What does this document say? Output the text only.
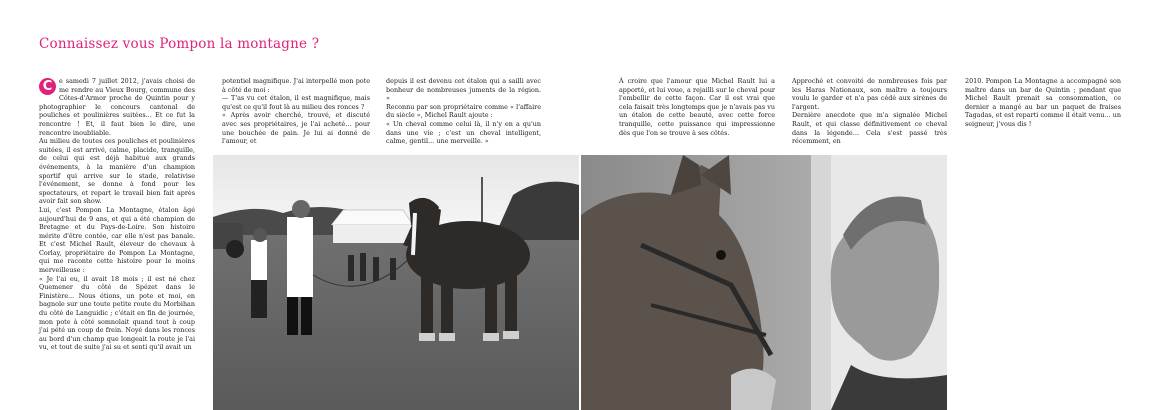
Connaissez vous Pompon la montagne ?
C	e samedi 7 juillet 2012, j'avais choisi de me rendre au Vieux Bourg, commune des Côtes-d'Armor proche de Quintin pour y photographier le concours cantonal de pouliches et poulinières suitées... Et ce fut la rencontre ! Et, il faut bien le dire, une rencontre inoubliable.

Au milieu de toutes ces pouliches et poulinières suitées, il est arrivé, calme, placide, tranquille, de celui qui est déjà habitué aux grands événements, à la manière d'un champion sportif qui arrive sur le stade, relativise l'événement, se donne à fond pour les spectateurs, et repart le travail bien fait après avoir fait son show.

Lui, c'est Pompon La Montagne, étalon âgé aujourd'hui de 9 ans, et qui a été champion de Bretagne et du Pays-de-Loire. Son histoire mérite d'être contée, car elle n'est pas banale. Et c'est Michel Rault, éleveur de chevaux à Corlay, propriétaire de Pompon La Montagne, qui me raconte cette histoire pour le moins merveilleuse :

« Je l'ai eu, il avait 18 mois ; il est né chez Quemener du côté de Spézet dans le Finistère... Nous étions, un pote et moi, en bagnole sur une toute petite route du Morbihan du côté de Languidic ; c'était en fin de journée, mon pote à côté somnolait quand tout à coup j'ai pété un coup de frein. Noyé dans les ronces au bord d'un champ que longeait la route je l'ai vu, et tout de suite j'ai su et senti qu'il avait un

potentiel magnifique. J'ai interpellé mon pote à côté de moi :

— T'as vu cet étalon, il est magnifique, mais qu'est ce qu'il fout là au milieu des ronces ?

« Après avoir cherché, trouvé, et discuté avec ses propriétaires, je l'ai acheté… pour une bouchée de pain. Je lui ai donné de l'amour, et

depuis il est devenu cet étalon qui a sailli avec bonheur de nombreuses juments de la région. »

Reconnu par son propriétaire comme « l'affaire du siècle », Michel Rault ajoute :

« Un cheval comme celui là, il n'y en a qu'un dans une vie ; c'est un cheval intelligent, calme, gentil… une merveille. »

À croire que l'amour que Michel Rault lui a apporté, et lui voue, a rejailli sur le cheval pour l'embellir de cette façon. Car il est vrai que cela faisait très longtemps que je n'avais pas vu un étalon de cette beauté, avec cette force tranquille, cette puissance qui impressionne dès que l'on se trouve à ses côtés.

Approché et convoité de nombreuses fois par les Haras Nationaux, son maître a toujours voulu le garder et n'a pas cédé aux sirènes de l'argent.

Dernière anecdote que m'a signalée Michel Rault, et qui classe définitivement ce cheval dans la légende… Cela s'est passé très récemment, en

2010. Pompon La Montagne a accompagné son maître dans un bar de Quintin ; pendant que Michel Rault prenait sa consommation, ce dernier a mangé au bar un paquet de fraises Tagadas, et est reparti comme il était venu… un seigneur, j'vous dis !
